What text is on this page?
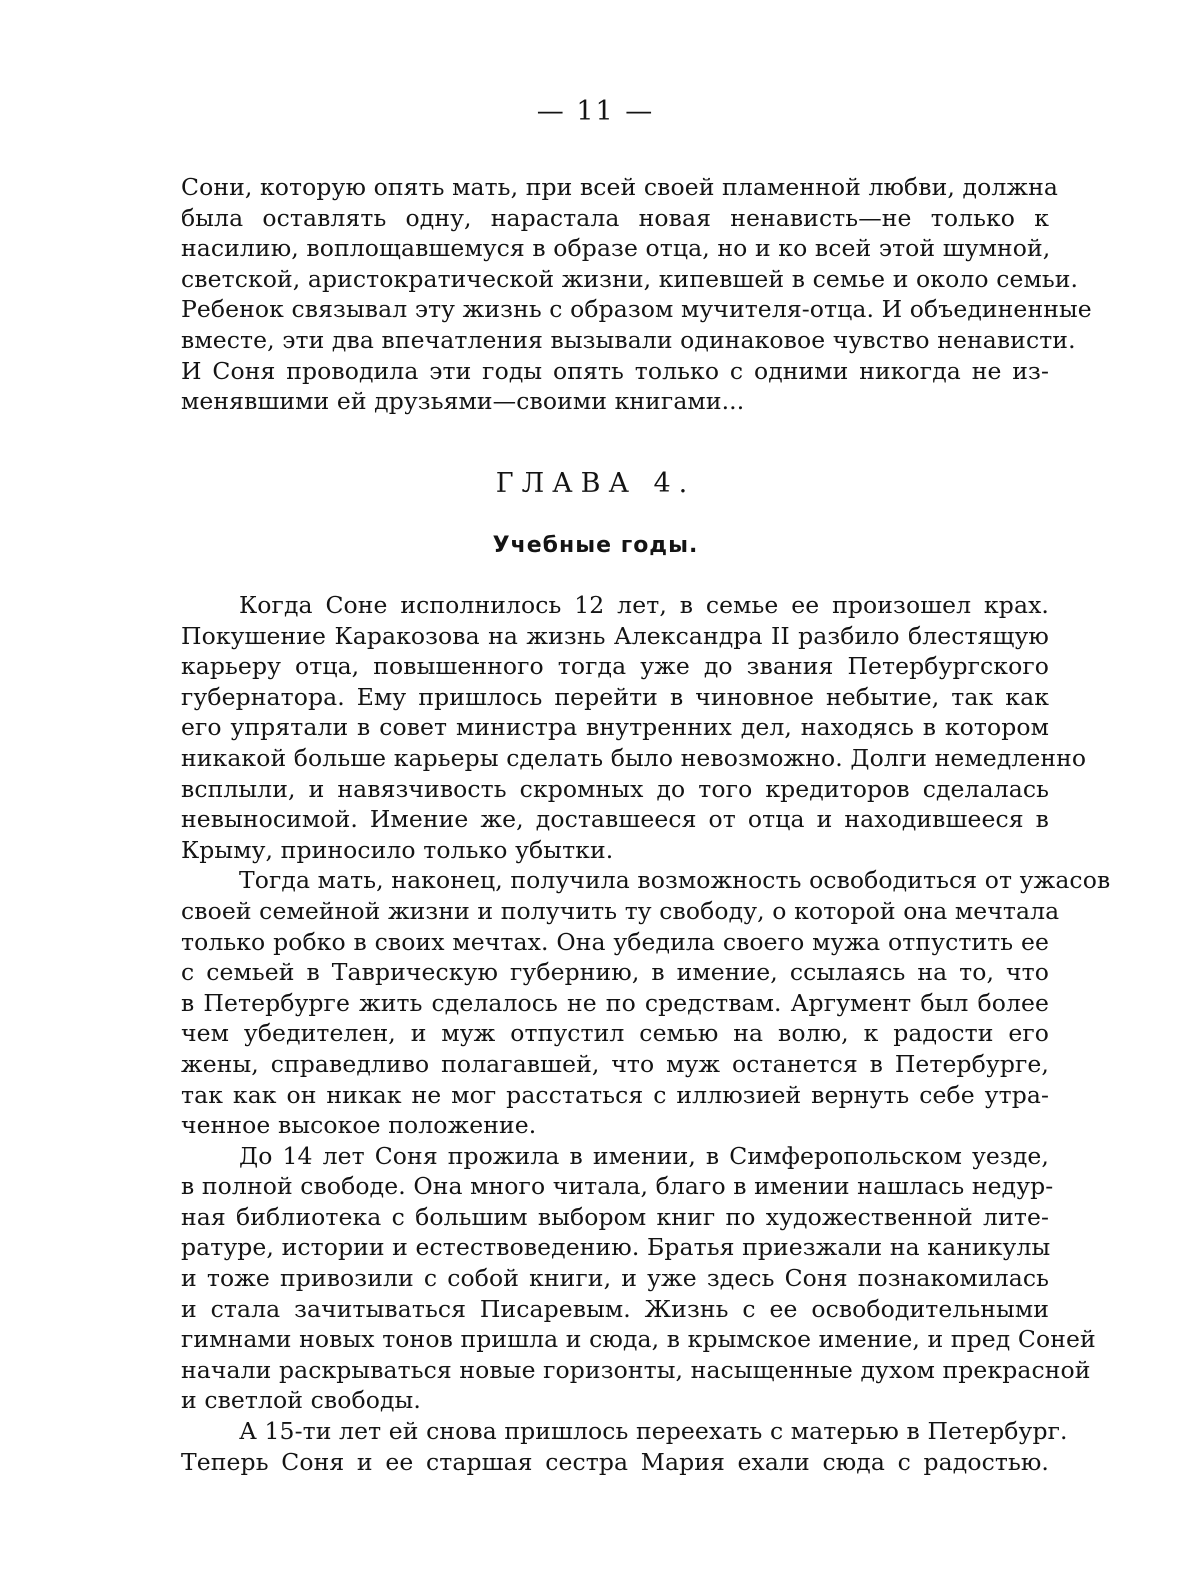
— 11 —
Сони, которую опять мать, при всей своей пламенной любви, должна
была оставлять одну, нарастала новая ненависть—не только к
насилию, воплощавшемуся в образе отца, но и ко всей этой шумной,
светской, аристократической жизни, кипевшей в семье и около семьи.
Ребенок связывал эту жизнь с образом мучителя-отца. И объединенные
вместе, эти два впечатления вызывали одинаковое чувство ненависти.
И Соня проводила эти годы опять только с одними никогда не из-
менявшими ей друзьями—своими книгами...
ГЛАВА 4.
Учебные годы.
Когда Соне исполнилось 12 лет, в семье ее произошел крах.
Покушение Каракозова на жизнь Александра II разбило блестящую
карьеру отца, повышенного тогда уже до звания Петербургского
губернатора. Ему пришлось перейти в чиновное небытие, так как
его упрятали в совет министра внутренних дел, находясь в котором
никакой больше карьеры сделать было невозможно. Долги немедленно
всплыли, и навязчивость скромных до того кредиторов сделалась
невыносимой. Имение же, доставшееся от отца и находившееся в
Крыму, приносило только убытки.
Тогда мать, наконец, получила возможность освободиться от ужасов
своей семейной жизни и получить ту свободу, о которой она мечтала
только робко в своих мечтах. Она убедила своего мужа отпустить ее
с семьей в Таврическую губернию, в имение, ссылаясь на то, что
в Петербурге жить сделалось не по средствам. Аргумент был более
чем убедителен, и муж отпустил семью на волю, к радости его
жены, справедливо полагавшей, что муж останется в Петербурге,
так как он никак не мог расстаться с иллюзией вернуть себе утра-
ченное высокое положение.
До 14 лет Соня прожила в имении, в Симферопольском уезде,
в полной свободе. Она много читала, благо в имении нашлась недур-
ная библиотека с большим выбором книг по художественной лите-
ратуре, истории и естествоведению. Братья приезжали на каникулы
и тоже привозили с собой книги, и уже здесь Соня познакомилась
и стала зачитываться Писаревым. Жизнь с ее освободительными
гимнами новых тонов пришла и сюда, в крымское имение, и пред Соней
начали раскрываться новые горизонты, насыщенные духом прекрасной
и светлой свободы.
А 15-ти лет ей снова пришлось переехать с матерью в Петербург.
Теперь Соня и ее старшая сестра Мария ехали сюда с радостью.
